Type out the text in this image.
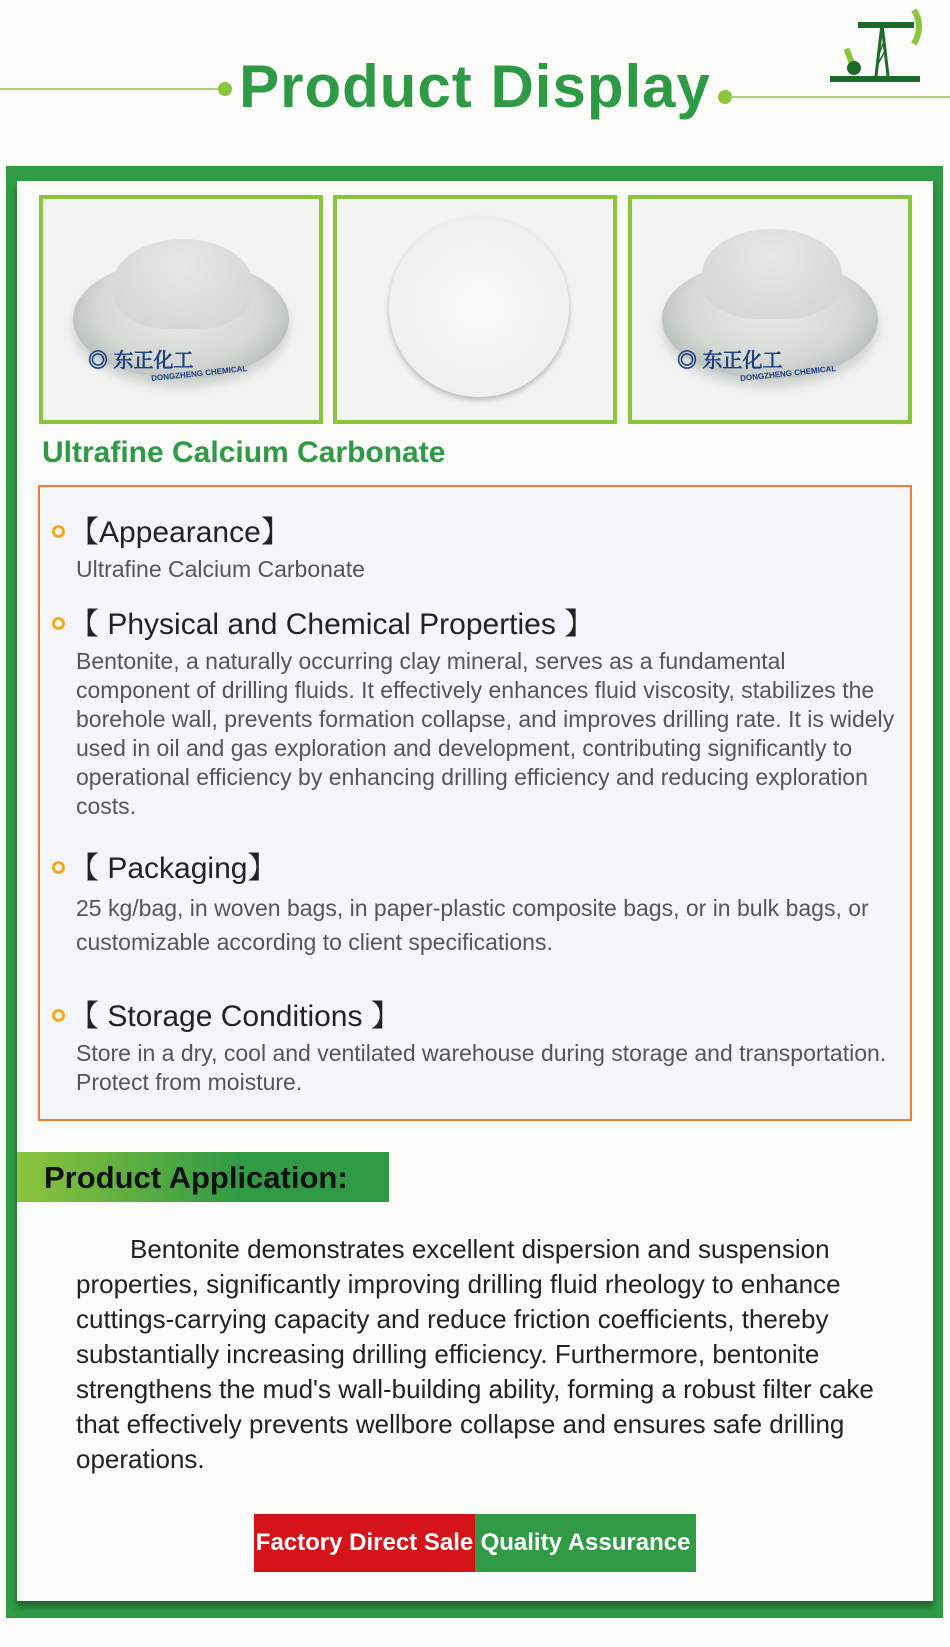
Product Display
◎ 东正化工
DONGZHENG CHEMICAL
◎ 东正化工
DONGZHENG CHEMICAL
Ultrafine Calcium Carbonate
【Appearance】
Ultrafine Calcium Carbonate
【 Physical and Chemical Properties 】
Bentonite, a naturally occurring clay mineral, serves as a fundamental component of drilling fluids. It effectively enhances fluid viscosity, stabilizes the borehole wall, prevents formation collapse, and improves drilling rate. It is widely used in oil and gas exploration and development, contributing significantly to operational efficiency by enhancing drilling efficiency and reducing exploration costs.
【 Packaging】
25 kg/bag, in woven bags, in paper-plastic composite bags, or in bulk bags, or customizable according to client specifications.
【 Storage Conditions 】
Store in a dry, cool and ventilated warehouse during storage and transportation. Protect from moisture.
Product Application:

Bentonite demonstrates excellent dispersion and suspension properties, significantly improving drilling fluid rheology to enhance cuttings-carrying capacity and reduce friction coefficients, thereby substantially increasing drilling efficiency. Furthermore, bentonite strengthens the mud's wall-building ability, forming a robust filter cake that effectively prevents wellbore collapse and ensures safe drilling operations.

Factory Direct Sale Quality Assurance
